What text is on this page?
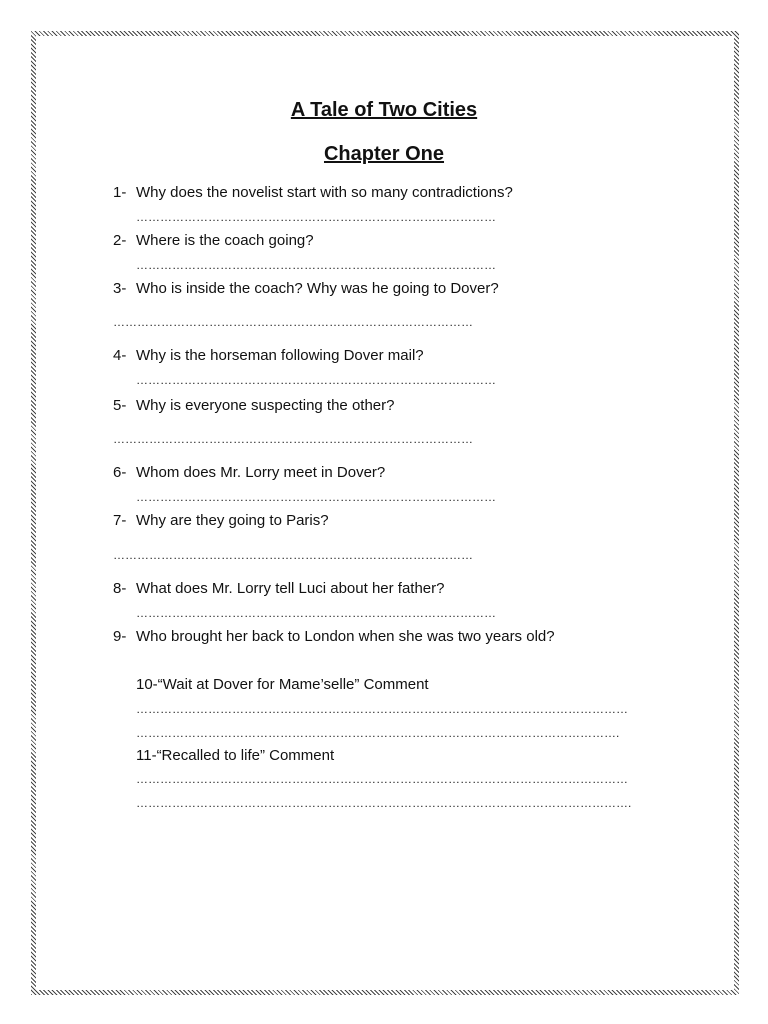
A Tale of Two Cities
Chapter One
1- Why does the novelist start with so many contradictions?
………………………………………………………………………………
2- Where is the coach going?
………………………………………………………………………………
3- Who is inside the coach? Why was he going to Dover?
………………………………………………………………………………
4- Why is the horseman following Dover mail?
………………………………………………………………………………
5- Why is everyone suspecting the other?
………………………………………………………………………………
6- Whom does Mr. Lorry meet in Dover?
………………………………………………………………………………
7- Why are they going to Paris?
………………………………………………………………………………
8- What does Mr. Lorry tell Luci about her father?
………………………………………………………………………………
9- Who brought her back to London when she was two years old?
10-“Wait at Dover for Mame’selle” Comment
……………………………………………………………………………………………………………
………………………………………………………………………………………………………….
11-“Recalled to life” Comment
……………………………………………………………………………………………………………
…………………………………………………………………………………………………………….
